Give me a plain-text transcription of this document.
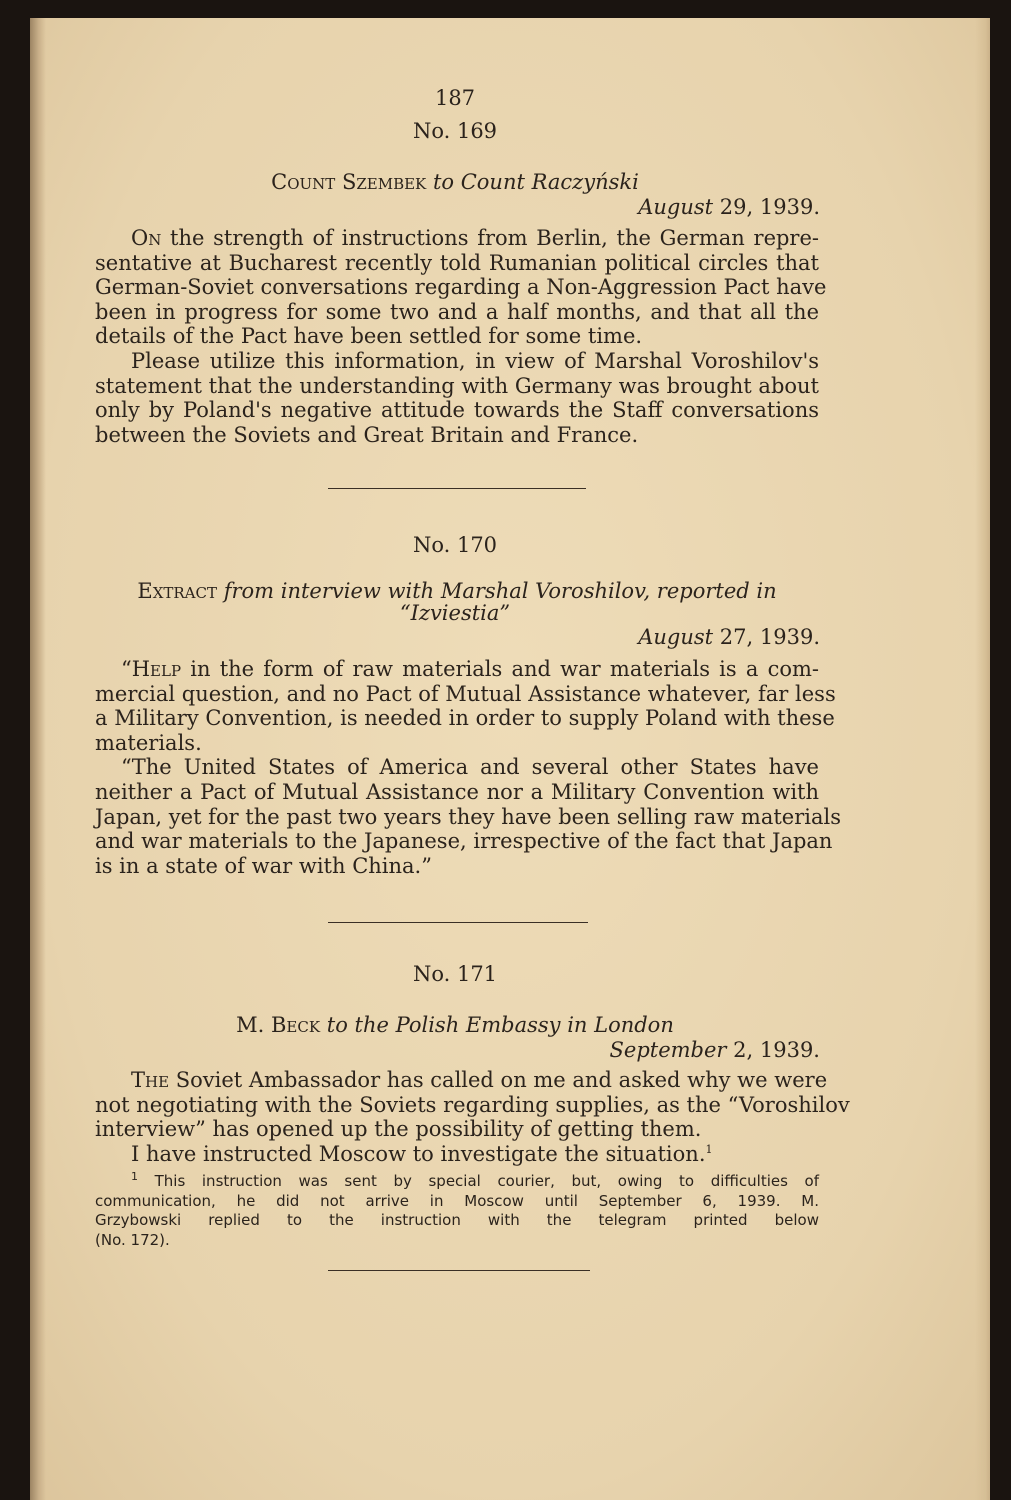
187
No. 169
Count Szembek to Count Raczyński
August 29, 1939.

On the strength of instructions from Berlin, the German repre-
sentative at Bucharest recently told Rumanian political circles that
German-Soviet conversations regarding a Non-Aggression Pact have
been in progress for some two and a half months, and that all the
details of the Pact have been settled for some time.

Please utilize this information, in view of Marshal Voroshilov's
statement that the understanding with Germany was brought about
only by Poland's negative attitude towards the Staff conversations
between the Soviets and Great Britain and France.

No. 170
Extract from interview with Marshal Voroshilov, reported in
“Izviestia”
August 27, 1939.

“Help in the form of raw materials and war materials is a com-
mercial question, and no Pact of Mutual Assistance whatever, far less
a Military Convention, is needed in order to supply Poland with these
materials.

“The United States of America and several other States have
neither a Pact of Mutual Assistance nor a Military Convention with
Japan, yet for the past two years they have been selling raw materials
and war materials to the Japanese, irrespective of the fact that Japan
is in a state of war with China.”

No. 171
M. Beck to the Polish Embassy in London
September 2, 1939.

The Soviet Ambassador has called on me and asked why we were
not negotiating with the Soviets regarding supplies, as the “Voroshilov
interview” has opened up the possibility of getting them.

I have instructed Moscow to investigate the situation.$^1$

$^1$ This instruction was sent by special courier, but, owing to difficulties of
communication, he did not arrive in Moscow until September 6, 1939. M.
Grzybowski replied to the instruction with the telegram printed below
(No. 172).
